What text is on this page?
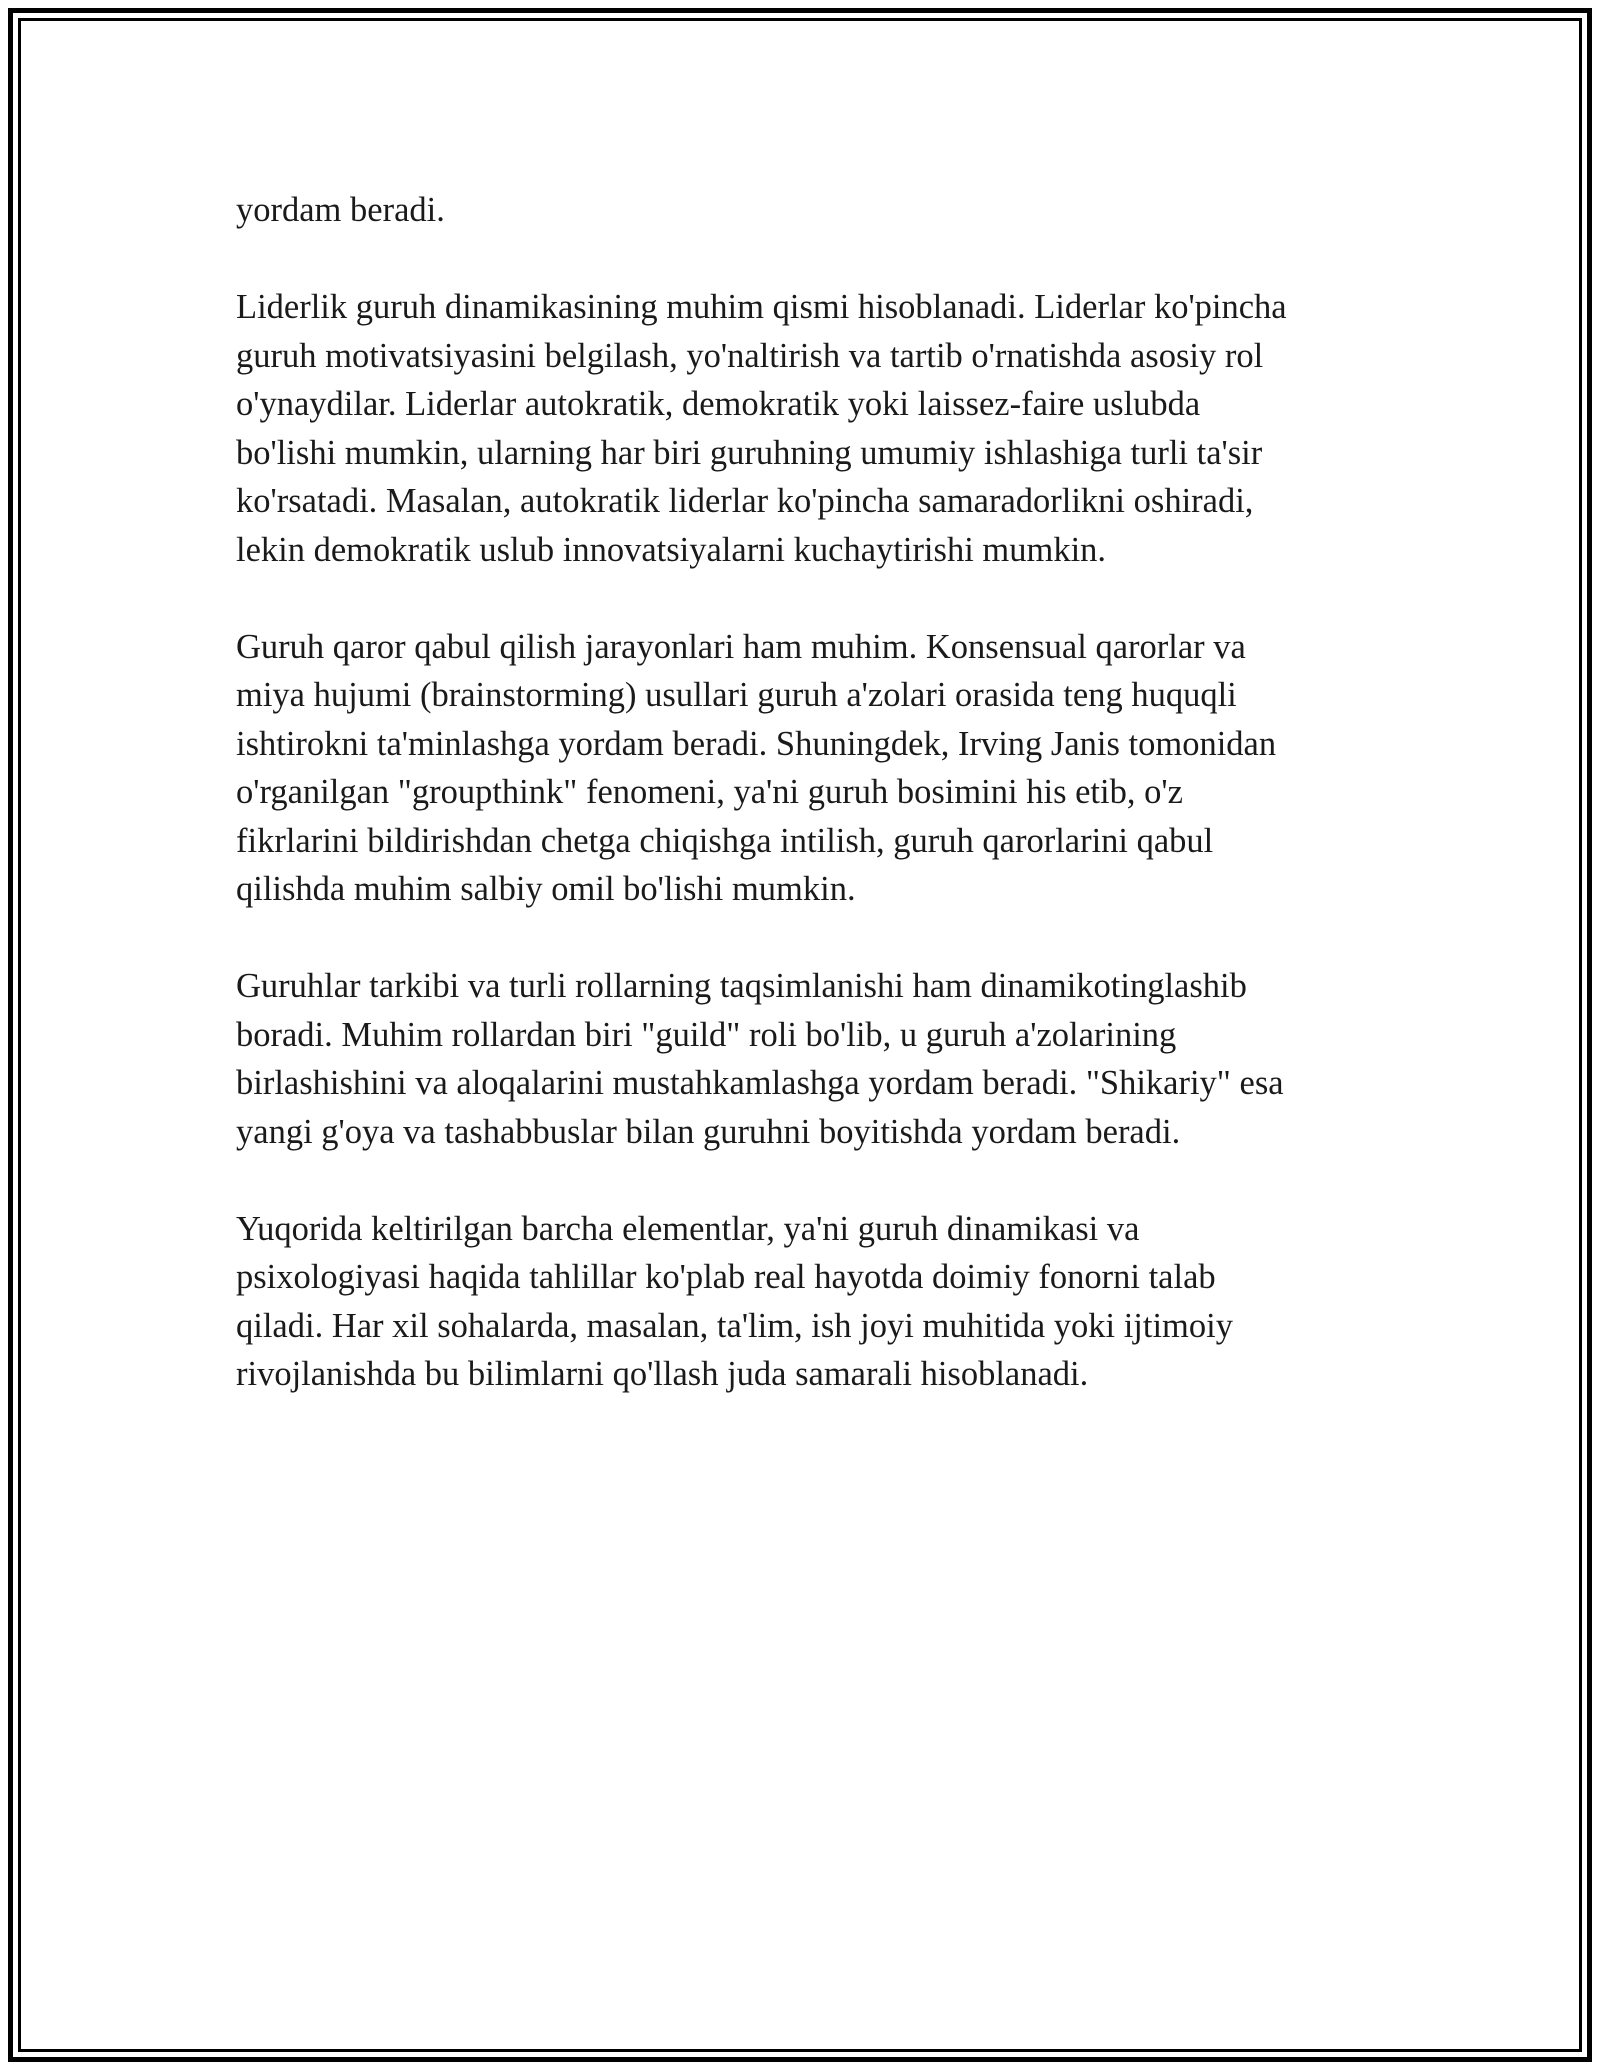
yordam beradi.

Liderlik guruh dinamikasining muhim qismi hisoblanadi. Liderlar ko'pincha
guruh motivatsiyasini belgilash, yo'naltirish va tartib o'rnatishda asosiy rol
o'ynaydilar. Liderlar autokratik, demokratik yoki laissez-faire uslubda
bo'lishi mumkin, ularning har biri guruhning umumiy ishlashiga turli ta'sir
ko'rsatadi. Masalan, autokratik liderlar ko'pincha samaradorlikni oshiradi,
lekin demokratik uslub innovatsiyalarni kuchaytirishi mumkin.

Guruh qaror qabul qilish jarayonlari ham muhim. Konsensual qarorlar va
miya hujumi (brainstorming) usullari guruh a'zolari orasida teng huquqli
ishtirokni ta'minlashga yordam beradi. Shuningdek, Irving Janis tomonidan
o'rganilgan "groupthink" fenomeni, ya'ni guruh bosimini his etib, o'z
fikrlarini bildirishdan chetga chiqishga intilish, guruh qarorlarini qabul
qilishda muhim salbiy omil bo'lishi mumkin.

Guruhlar tarkibi va turli rollarning taqsimlanishi ham dinamikotinglashib
boradi. Muhim rollardan biri "guild" roli bo'lib, u guruh a'zolarining
birlashishini va aloqalarini mustahkamlashga yordam beradi. "Shikariy" esa
yangi g'oya va tashabbuslar bilan guruhni boyitishda yordam beradi.

Yuqorida keltirilgan barcha elementlar, ya'ni guruh dinamikasi va
psixologiyasi haqida tahlillar ko'plab real hayotda doimiy fonorni talab
qiladi. Har xil sohalarda, masalan, ta'lim, ish joyi muhitida yoki ijtimoiy
rivojlanishda bu bilimlarni qo'llash juda samarali hisoblanadi.
